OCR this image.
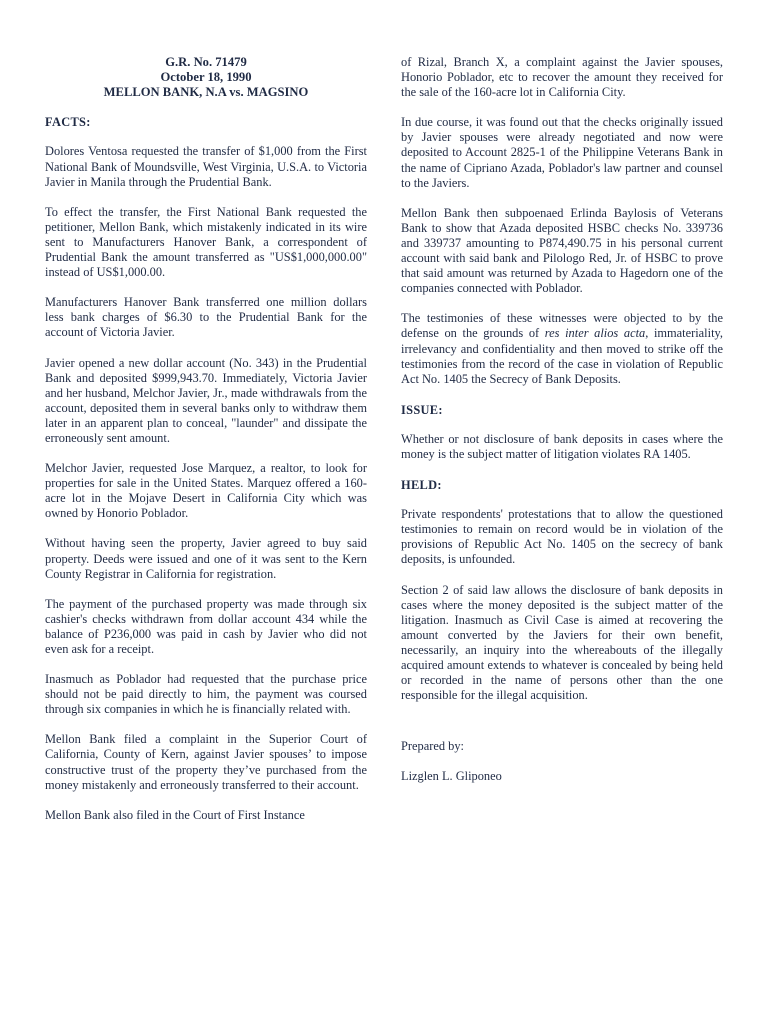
G.R. No. 71479
October 18, 1990
MELLON BANK, N.A vs. MAGSINO
FACTS:

Dolores Ventosa requested the transfer of $1,000 from the First National Bank of Moundsville, West Virginia, U.S.A. to Victoria Javier in Manila through the Prudential Bank.

To effect the transfer, the First National Bank requested the petitioner, Mellon Bank, which mistakenly indicated in its wire sent to Manufacturers Hanover Bank, a correspondent of Prudential Bank the amount transferred as "US$1,000,000.00" instead of US$1,000.00.

Manufacturers Hanover Bank transferred one million dollars less bank charges of $6.30 to the Prudential Bank for the account of Victoria Javier.

Javier opened a new dollar account (No. 343) in the Prudential Bank and deposited $999,943.70. Immediately, Victoria Javier and her husband, Melchor Javier, Jr., made withdrawals from the account, deposited them in several banks only to withdraw them later in an apparent plan to conceal, "launder" and dissipate the erroneously sent amount.

Melchor Javier, requested Jose Marquez, a realtor, to look for properties for sale in the United States. Marquez offered a 160-acre lot in the Mojave Desert in California City which was owned by Honorio Poblador.

Without having seen the property, Javier agreed to buy said property. Deeds were issued and one of it was sent to the Kern County Registrar in California for registration.

The payment of the purchased property was made through six cashier's checks withdrawn from dollar account 434 while the balance of P236,000 was paid in cash by Javier who did not even ask for a receipt.

Inasmuch as Poblador had requested that the purchase price should not be paid directly to him, the payment was coursed through six companies in which he is financially related with.

Mellon Bank filed a complaint in the Superior Court of California, County of Kern, against Javier spouses’ to impose constructive trust of the property they’ve purchased from the money mistakenly and erroneously transferred to their account.

Mellon Bank also filed in the Court of First Instance

of Rizal, Branch X, a complaint against the Javier spouses, Honorio Poblador, etc to recover the amount they received for the sale of the 160-acre lot in California City.

In due course, it was found out that the checks originally issued by Javier spouses were already negotiated and now were deposited to Account 2825-1 of the Philippine Veterans Bank in the name of Cipriano Azada, Poblador's law partner and counsel to the Javiers.

Mellon Bank then subpoenaed Erlinda Baylosis of Veterans Bank to show that Azada deposited HSBC checks No. 339736 and 339737 amounting to P874,490.75 in his personal current account with said bank and Pilologo Red, Jr. of HSBC to prove that said amount was returned by Azada to Hagedorn one of the companies connected with Poblador.

The testimonies of these witnesses were objected to by the defense on the grounds of res inter alios acta, immateriality, irrelevancy and confidentiality and then moved to strike off the testimonies from the record of the case in violation of Republic Act No. 1405 the Secrecy of Bank Deposits.

ISSUE:

Whether or not disclosure of bank deposits in cases where the money is the subject matter of litigation violates RA 1405.

HELD:

Private respondents' protestations that to allow the questioned testimonies to remain on record would be in violation of the provisions of Republic Act No. 1405 on the secrecy of bank deposits, is unfounded.

Section 2 of said law allows the disclosure of bank deposits in cases where the money deposited is the subject matter of the litigation. Inasmuch as Civil Case is aimed at recovering the amount converted by the Javiers for their own benefit, necessarily, an inquiry into the whereabouts of the illegally acquired amount extends to whatever is concealed by being held or recorded in the name of persons other than the one responsible for the illegal acquisition.

Prepared by:

Lizglen L. Gliponeo
